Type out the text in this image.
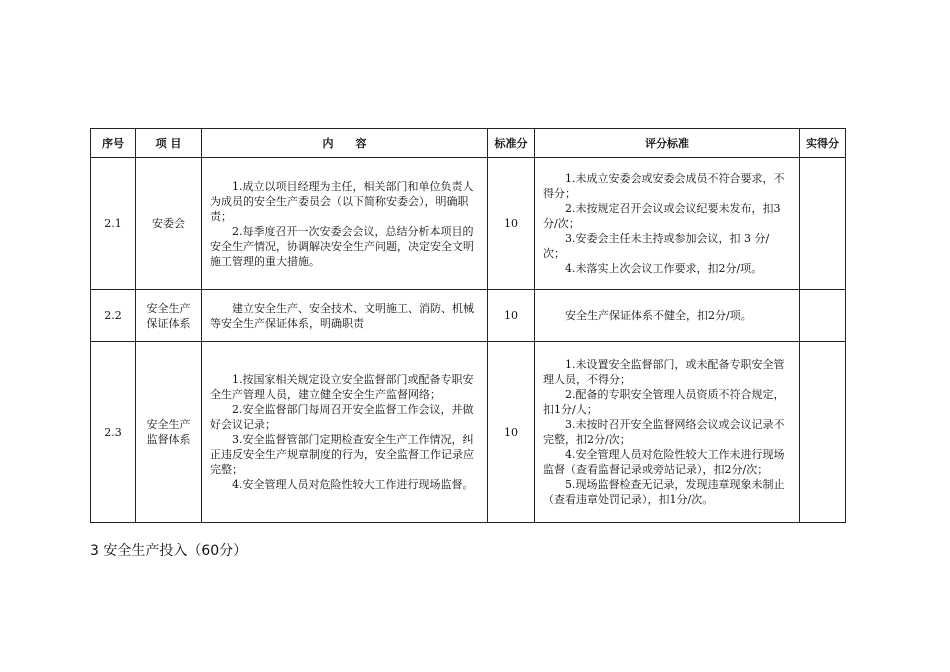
序号	项 目	内　　容	标准分	评分标准	实得分
2.1	安委会	1.成立以项目经理为主任，相关部门和单位负责人为成员的安全生产委员会（以下简称安委会），明确职责；
2.每季度召开一次安委会会议，总结分析本项目的安全生产情况，协调解决安全生产问题，决定安全文明施工管理的重大措施。	10	1.未成立安委会或安委会成员不符合要求，不得分；
2.未按规定召开会议或会议纪要未发布，扣3分/次；
3.安委会主任未主持或参加会议，扣 3 分/次；
4.未落实上次会议工作要求，扣2分/项。	

2.2	安全生产保证体系	建立安全生产、安全技术、文明施工、消防、机械等安全生产保证体系，明确职责	10	安全生产保证体系不健全，扣2分/项。	

2.3	安全生产监督体系	1.按国家相关规定设立安全监督部门或配备专职安全生产管理人员，建立健全安全生产监督网络；
2.安全监督部门每周召开安全监督工作会议，并做好会议记录；
3.安全监督管部门定期检查安全生产工作情况，纠正违反安全生产规章制度的行为，安全监督工作记录应完整；
4.安全管理人员对危险性较大工作进行现场监督。	10	1.未设置安全监督部门，或未配备专职安全管理人员，不得分；
2.配备的专职安全管理人员资质不符合规定，扣1分/人；
3.未按时召开安全监督网络会议或会议记录不完整，扣2分/次；
4.安全管理人员对危险性较大工作未进行现场监督（查看监督记录或旁站记录），扣2分/次；
5.现场监督检查无记录，发现违章现象未制止（查看违章处罚记录），扣1分/次。	

3 安全生产投入（60分）
